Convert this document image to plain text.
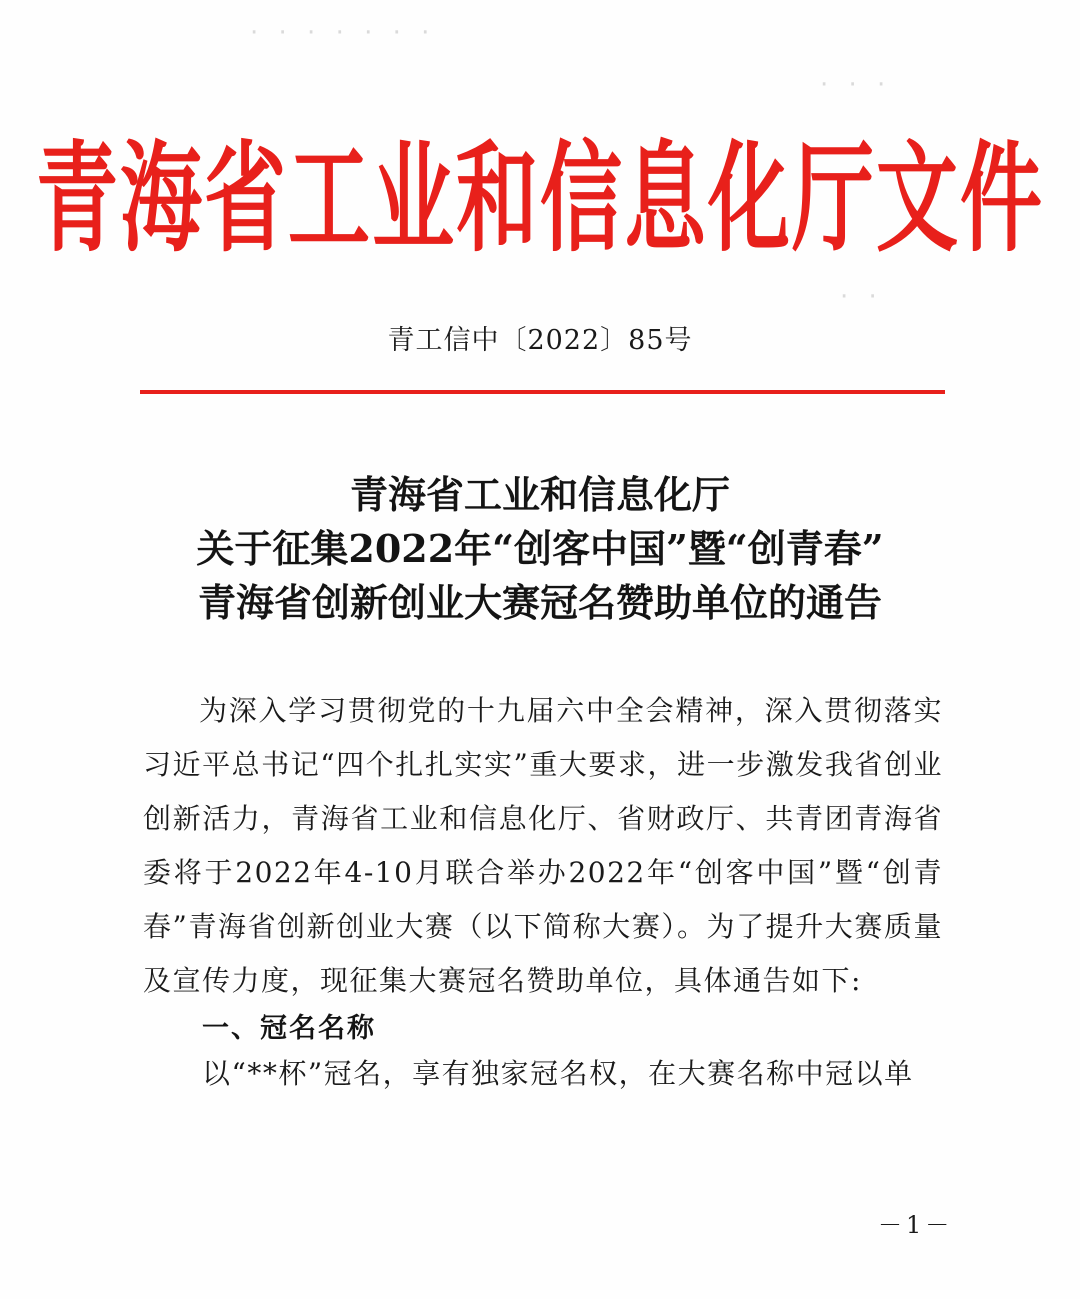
· · · · · · ·
· · ·
· ·
青海省工业和信息化厅文件
青工信中〔2022〕85号
青海省工业和信息化厅
关于征集2022年“创客中国”暨“创青春”
青海省创新创业大赛冠名赞助单位的通告

为深入学习贯彻党的十九届六中全会精神，深入贯彻落实习近平总书记“四个扎扎实实”重大要求，进一步激发我省创业创新活力，青海省工业和信息化厅、省财政厅、共青团青海省委将于2022年4-10月联合举办2022年“创客中国”暨“创青春”青海省创新创业大赛（以下简称大赛）。为了提升大赛质量及宣传力度，现征集大赛冠名赞助单位，具体通告如下:

一、冠名名称
以“**杯”冠名，享有独家冠名权，在大赛名称中冠以单
－1－
